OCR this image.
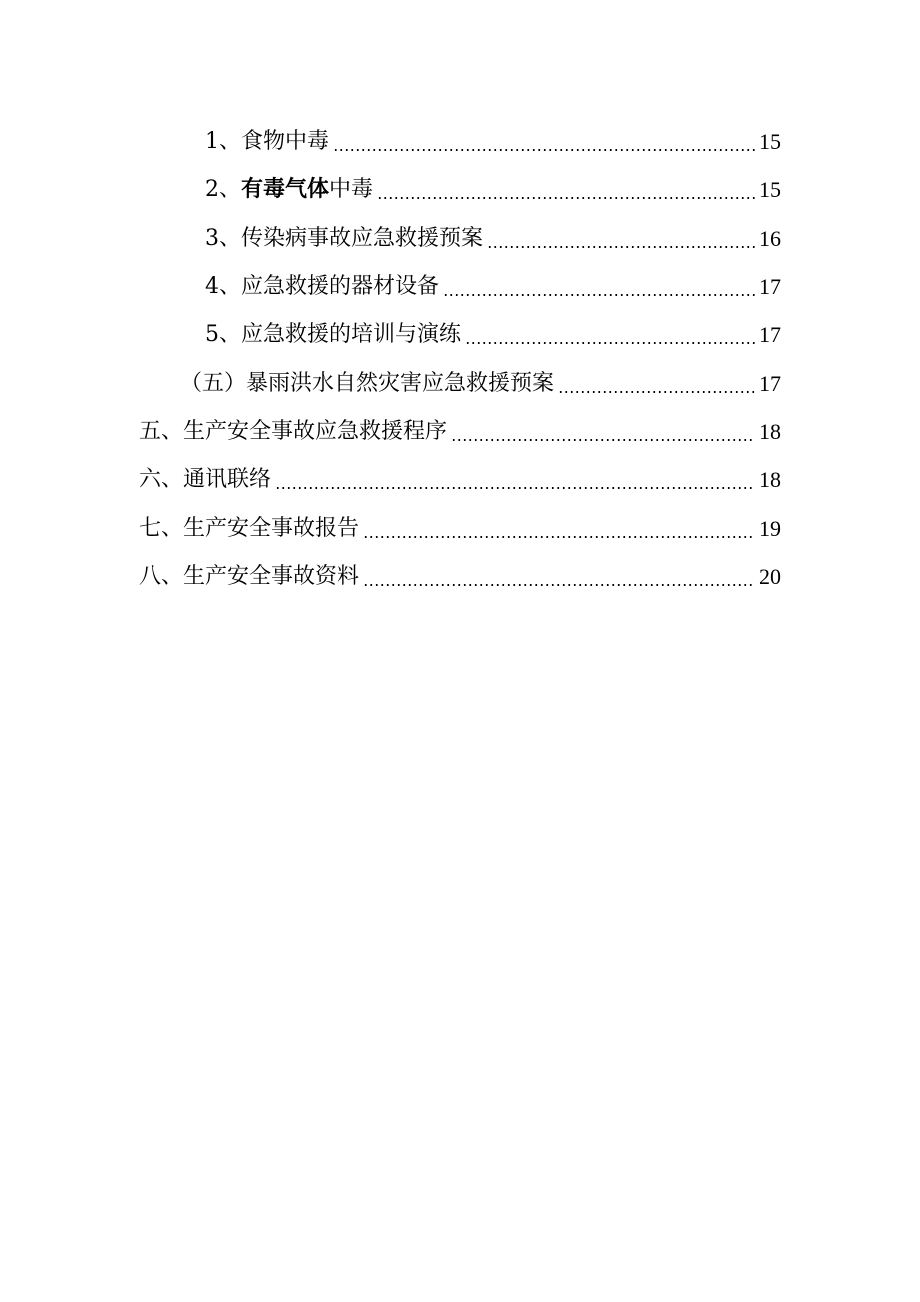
1、食物中毒	15
2、有毒气体中毒	15
3、传染病事故应急救援预案	16
4、应急救援的器材设备	17
5、应急救援的培训与演练	17
（五）暴雨洪水自然灾害应急救援预案	17
五、生产安全事故应急救援程序	18
六、通讯联络	18
七、生产安全事故报告	19
八、生产安全事故资料	20
